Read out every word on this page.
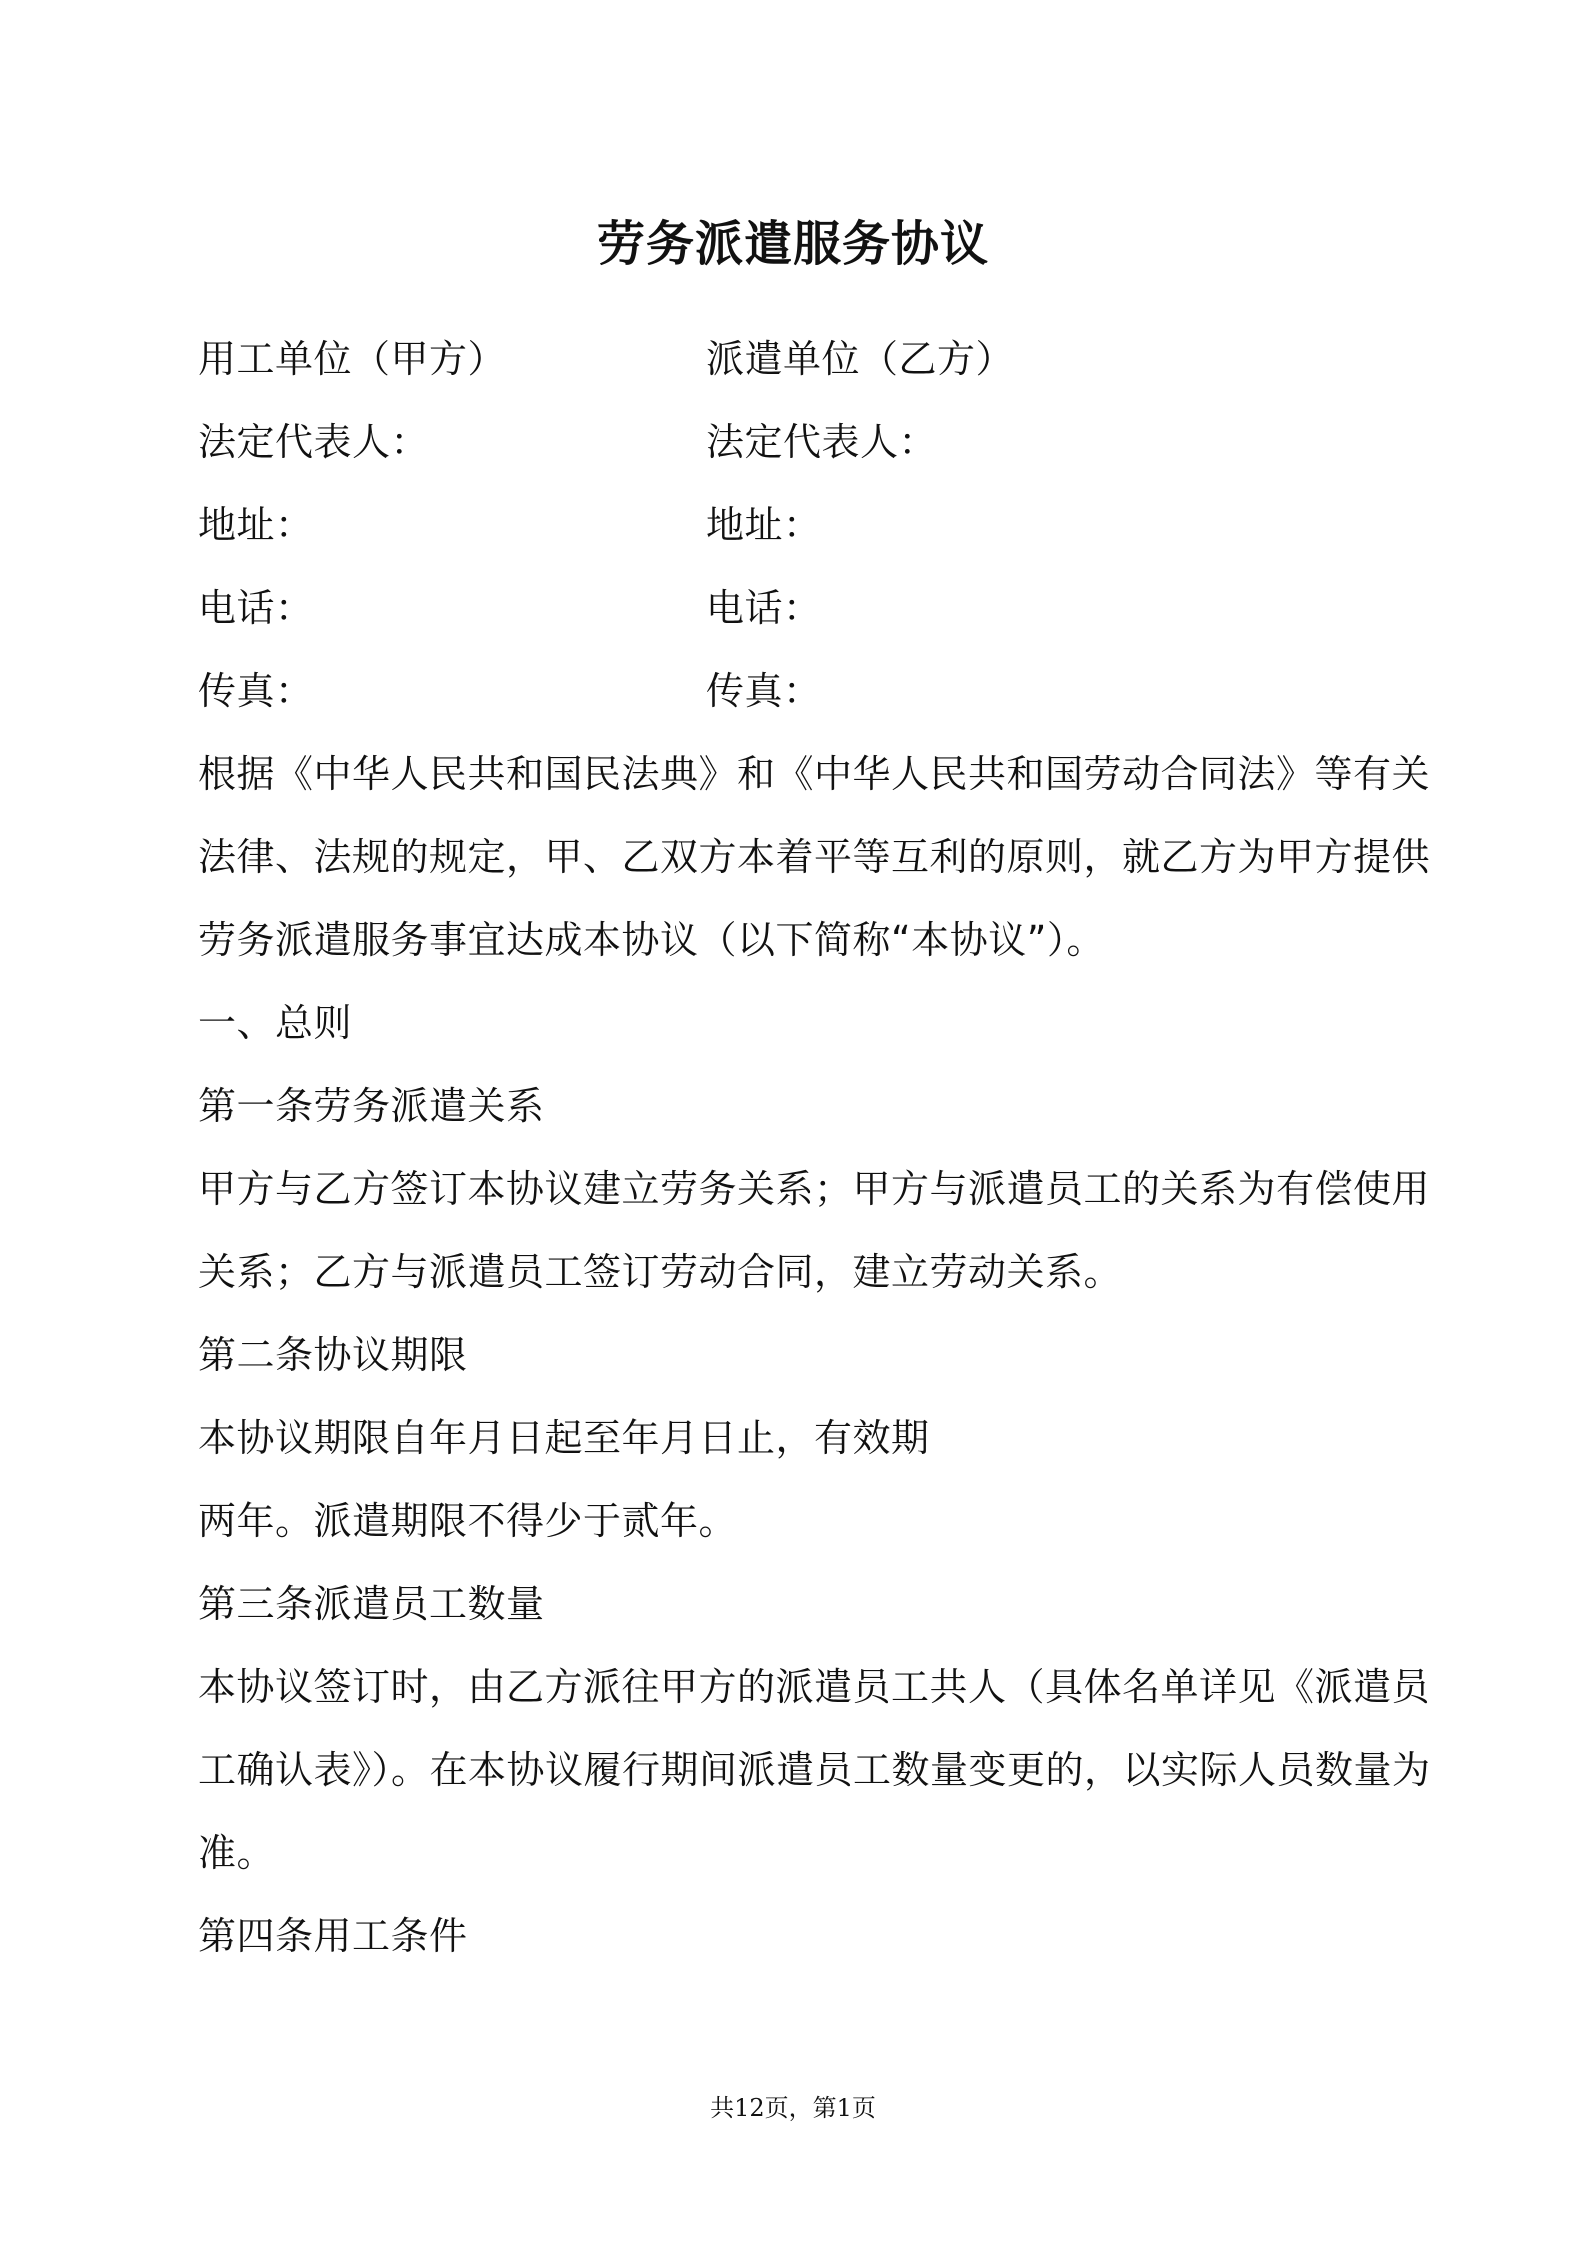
劳务派遣服务协议
用工单位（甲方）	派遣单位（乙方）
法定代表人：	法定代表人：
地址：	地址：
电话：	电话：
传真：	传真：
根据《中华人民共和国民法典》和《中华人民共和国劳动合同法》等有关
法律、法规的规定，甲、乙双方本着平等互利的原则，就乙方为甲方提供
劳务派遣服务事宜达成本协议（以下简称“本协议”）。
一、总则
第一条劳务派遣关系
甲方与乙方签订本协议建立劳务关系；甲方与派遣员工的关系为有偿使用
关系；乙方与派遣员工签订劳动合同，建立劳动关系。
第二条协议期限
本协议期限自年月日起至年月日止，有效期
两年。派遣期限不得少于贰年。
第三条派遣员工数量
本协议签订时，由乙方派往甲方的派遣员工共人（具体名单详见《派遣员
工确认表》）。在本协议履行期间派遣员工数量变更的，以实际人员数量为
准。
第四条用工条件
共12页，第1页
